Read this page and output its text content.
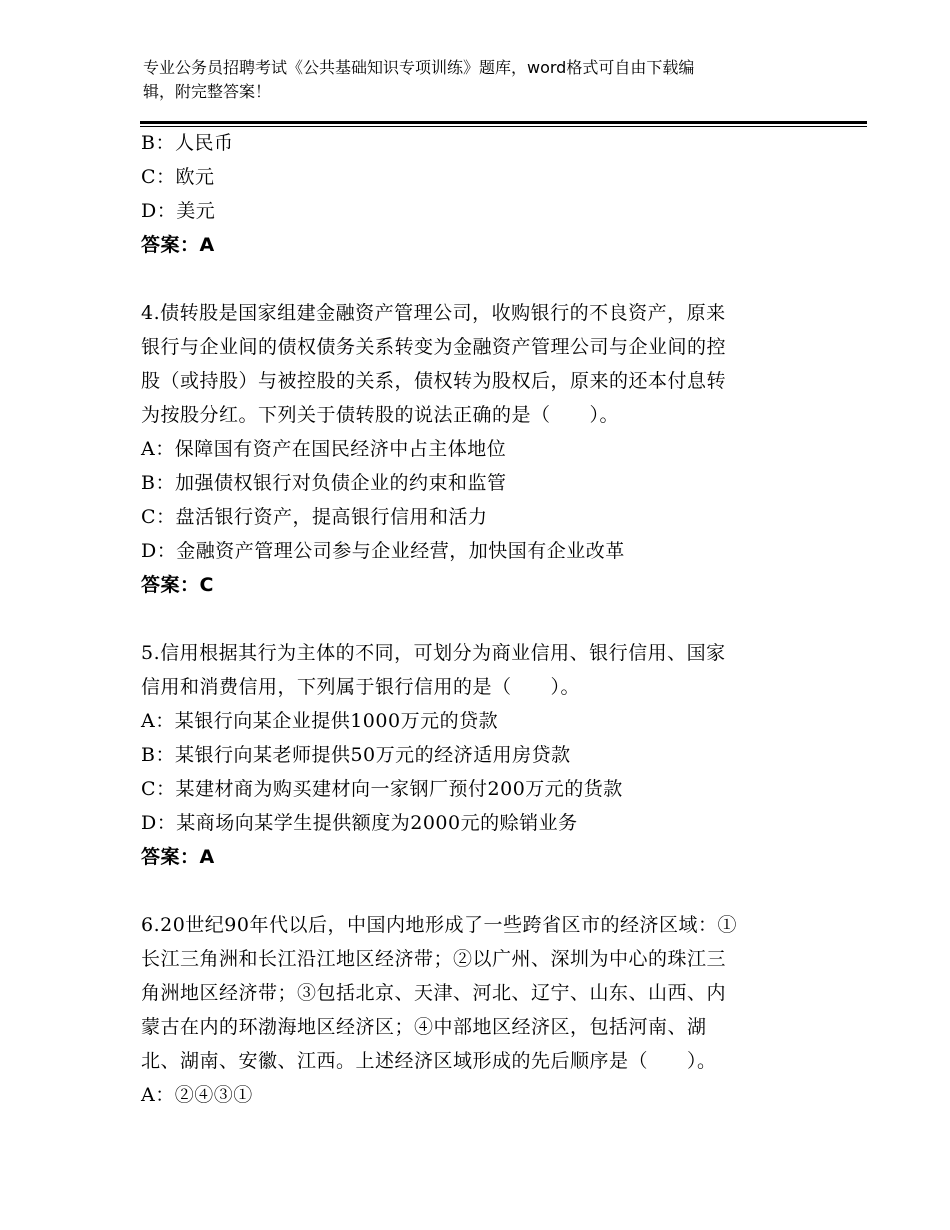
专业公务员招聘考试《公共基础知识专项训练》题库，word格式可自由下载编
辑，附完整答案！
B：人民币
C：欧元
D：美元
答案：A
4.债转股是国家组建金融资产管理公司，收购银行的不良资产，原来
银行与企业间的债权债务关系转变为金融资产管理公司与企业间的控
股（或持股）与被控股的关系，债权转为股权后，原来的还本付息转
为按股分红。下列关于债转股的说法正确的是（　　）。
A：保障国有资产在国民经济中占主体地位
B：加强债权银行对负债企业的约束和监管
C：盘活银行资产，提高银行信用和活力
D：金融资产管理公司参与企业经营，加快国有企业改革
答案：C
5.信用根据其行为主体的不同，可划分为商业信用、银行信用、国家
信用和消费信用，下列属于银行信用的是（　　）。
A：某银行向某企业提供1000万元的贷款
B：某银行向某老师提供50万元的经济适用房贷款
C：某建材商为购买建材向一家钢厂预付200万元的货款
D：某商场向某学生提供额度为2000元的赊销业务
答案：A
6.20世纪90年代以后，中国内地形成了一些跨省区市的经济区域：①
长江三角洲和长江沿江地区经济带；②以广州、深圳为中心的珠江三
角洲地区经济带；③包括北京、天津、河北、辽宁、山东、山西、内
蒙古在内的环渤海地区经济区；④中部地区经济区，包括河南、湖
北、湖南、安徽、江西。上述经济区域形成的先后顺序是（　　）。
A：②④③①
